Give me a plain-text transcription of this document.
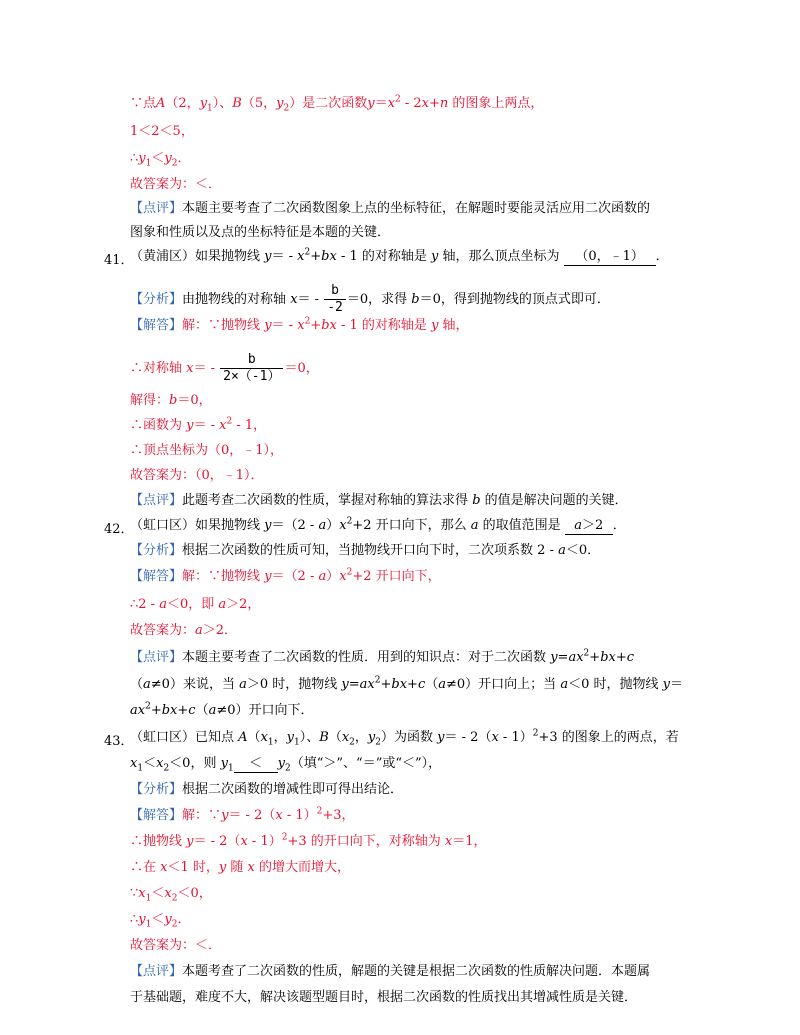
∵点A（2，$y_1$）、B（5，$y_2$）是二次函数$y=x^2 - 2x+n$ 的图象上两点，
1＜2＜5，
$\therefore y_1<y_2$．
故答案为：＜．
【点评】本题主要考查了二次函数图象上点的坐标特征，在解题时要能灵活应用二次函数的
图象和性质以及点的坐标特征是本题的关键．
41．
（黄浦区）如果抛物线 $y= - x^2+bx - 1$ 的对称轴是 y 轴，那么顶点坐标为 （0，﹣1） ．
【分析】由抛物线的对称轴 $x= - \frac{b}{-2} =0$，求得 b＝0，得到抛物线的顶点式即可．
【解答】解：∵抛物线 $y= - x^2+bx - 1$ 的对称轴是 y 轴，
∴对称轴 $x= - \frac{b}{2\times(-1)} =0$，
解得：b＝0，
∴函数为 $y= - x^2 - 1$，
∴顶点坐标为（0，﹣1），
故答案为：（0，﹣1）．
【点评】此题考查二次函数的性质，掌握对称轴的算法求得 b 的值是解决问题的关键．
42．
（虹口区）如果抛物线 $y=(2 - a)x^2+2$ 开口向下，那么 a 的取值范围是 a＞2 ．
【分析】根据二次函数的性质可知，当抛物线开口向下时，二次项系数 2 - a＜0．
【解答】解：∵抛物线 $y=(2 - a)x^2+2$ 开口向下，
∴2 - a＜0，即 a＞2，
故答案为：a＞2．
【点评】本题主要考查了二次函数的性质．用到的知识点：对于二次函数 $y=ax^2+bx+c$
（a≠0）来说，当 a＞0 时，抛物线 $y=ax^2+bx+c(a\ne 0)$开口向上；当 a＜0 时，抛物线 y＝
$ax^2+bx+c(a\ne 0)$开口向下．
43．
（虹口区）已知点 $A(x_1$，$y_1$）、$B(x_2$，$y_2$）为函数 y＝ - 2（x - 1）$^2$+3 的图象上的两点，若
$x_1<x_2<0$，则 $y_1 < y_2$（填“＞”、“＝”或“＜”），
【分析】根据二次函数的增减性即可得出结论．
【解答】解：∵y＝ - 2（x - 1）$^2$+3，
∴抛物线 y＝ - 2（x - 1）$^2$+3 的开口向下，对称轴为 x＝1，
∴在 x＜1 时，y 随 x 的增大而增大，
$\because x_1<x_2<0$，
$\therefore y_1<y_2$．
故答案为：＜．
【点评】本题考查了二次函数的性质，解题的关键是根据二次函数的性质解决问题．本题属
于基础题，难度不大，解决该题型题目时，根据二次函数的性质找出其增减性质是关键．
